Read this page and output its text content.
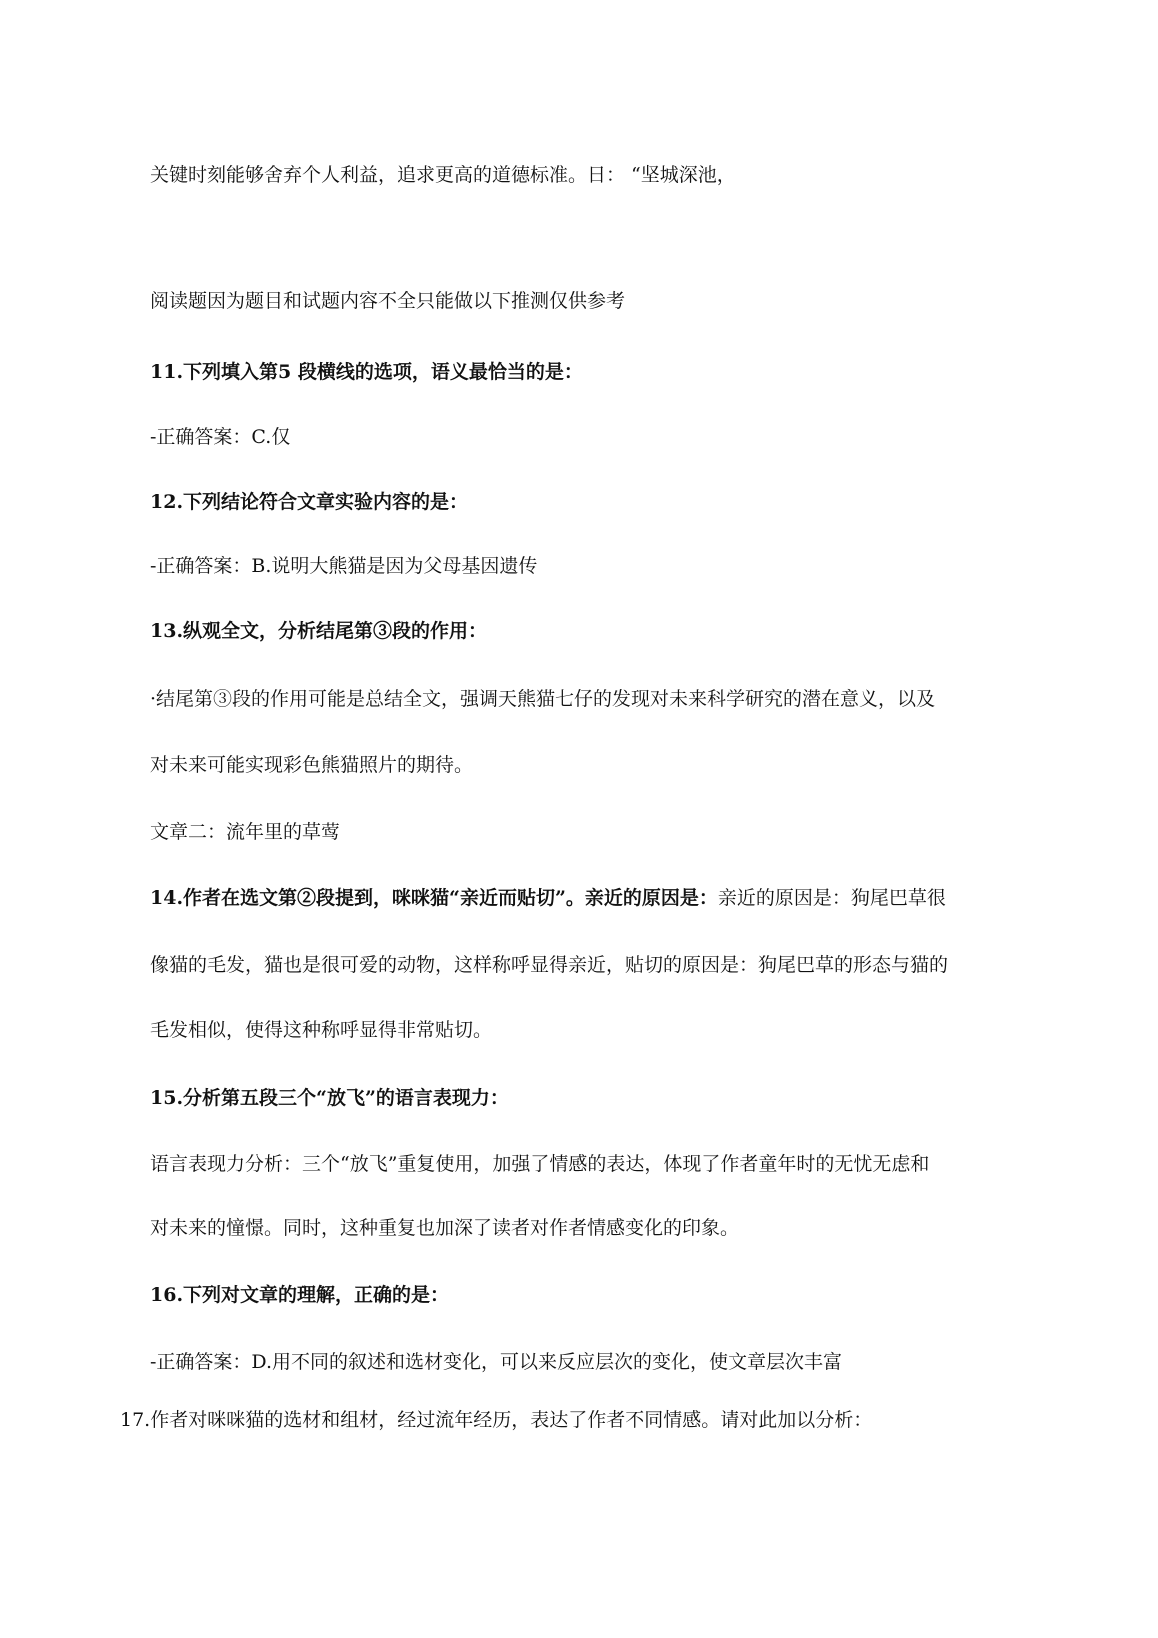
关键时刻能够舍弃个人利益，追求更高的道德标准。日： “坚城深池，

阅读题因为题目和试题内容不全只能做以下推测仅供参考

11.下列填入第5 段横线的选项，语义最恰当的是：

-正确答案：C.仅

12.下列结论符合文章实验内容的是：

-正确答案：B.说明大熊猫是因为父母基因遗传

13.纵观全文，分析结尾第③段的作用：

·结尾第③段的作用可能是总结全文，强调天熊猫七仔的发现对未来科学研究的潜在意义，以及

对未来可能实现彩色熊猫照片的期待。

文章二：流年里的草莺

14.作者在选文第②段提到，咪咪猫“亲近而贴切”。亲近的原因是：亲近的原因是：狗尾巴草很

像猫的毛发，猫也是很可爱的动物，这样称呼显得亲近，贴切的原因是：狗尾巴草的形态与猫的

毛发相似，使得这种称呼显得非常贴切。

15.分析第五段三个“放飞”的语言表现力：

语言表现力分析：三个“放飞”重复使用，加强了情感的表达，体现了作者童年时的无忧无虑和

对未来的憧憬。同时，这种重复也加深了读者对作者情感变化的印象。

16.下列对文章的理解，正确的是：

-正确答案：D.用不同的叙述和选材变化，可以来反应层次的变化，使文章层次丰富

17.作者对咪咪猫的选材和组材，经过流年经历，表达了作者不同情感。请对此加以分析：
